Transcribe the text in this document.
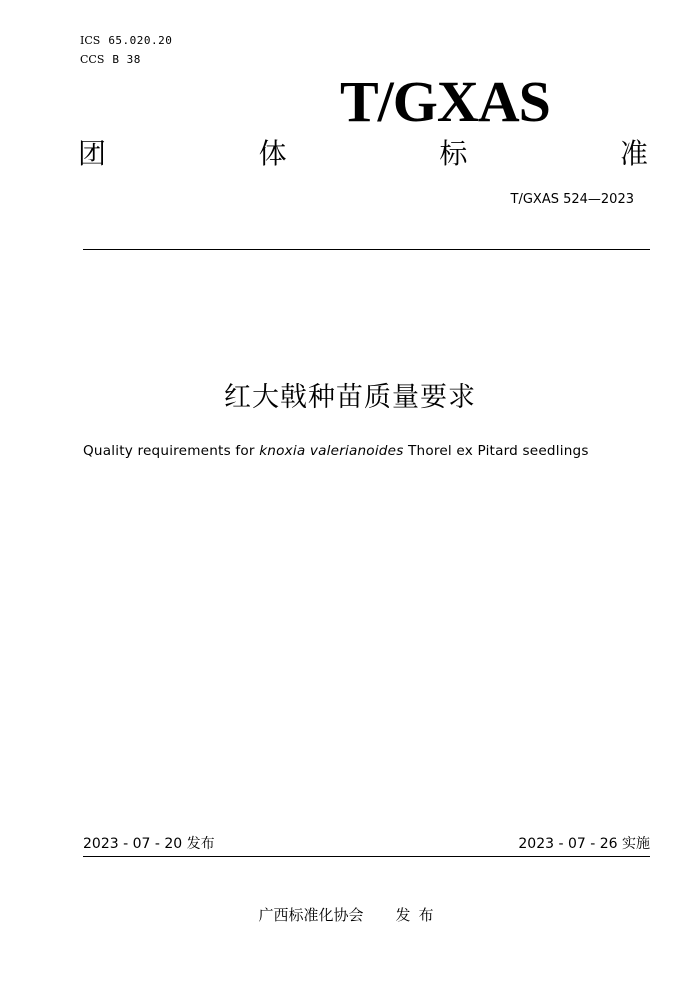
ICS 65.020.20
CCS B 38
T/GXAS
团	体	标	准
T/GXAS 524—2023
红大戟种苗质量要求
Quality requirements for knoxia valerianoides Thorel ex Pitard seedlings
2023 - 07 - 20 发布	2023 - 07 - 26 实施
广西标准化协会 发布
